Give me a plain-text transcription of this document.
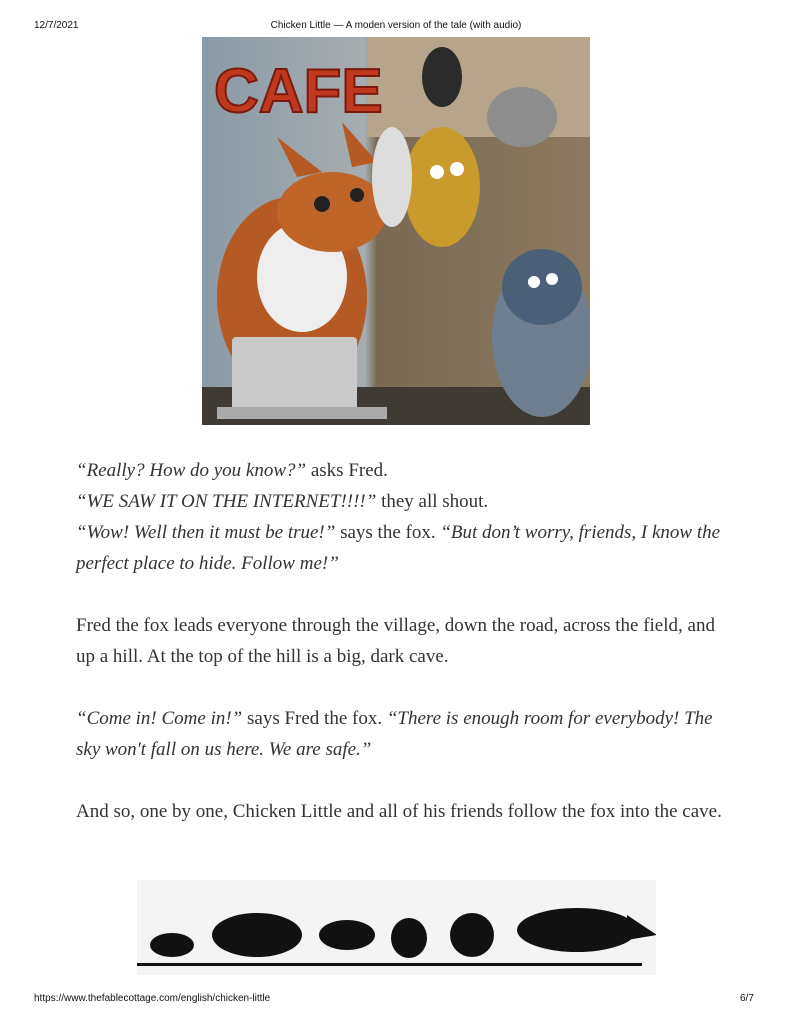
12/7/2021	Chicken Little — A moden version of the tale (with audio)
CAFE

“Really? How do you know?” asks Fred.
“WE SAW IT ON THE INTERNET!!!!” they all shout.
“Wow! Well then it must be true!” says the fox. “But don’t worry, friends, I know the perfect place to hide. Follow me!”

Fred the fox leads everyone through the village, down the road, across the field, and up a hill. At the top of the hill is a big, dark cave.

“Come in! Come in!” says Fred the fox. “There is enough room for everybody! The sky won't fall on us here. We are safe.”

And so, one by one, Chicken Little and all of his friends follow the fox into the cave.

https://www.thefablecottage.com/english/chicken-little	6/7
